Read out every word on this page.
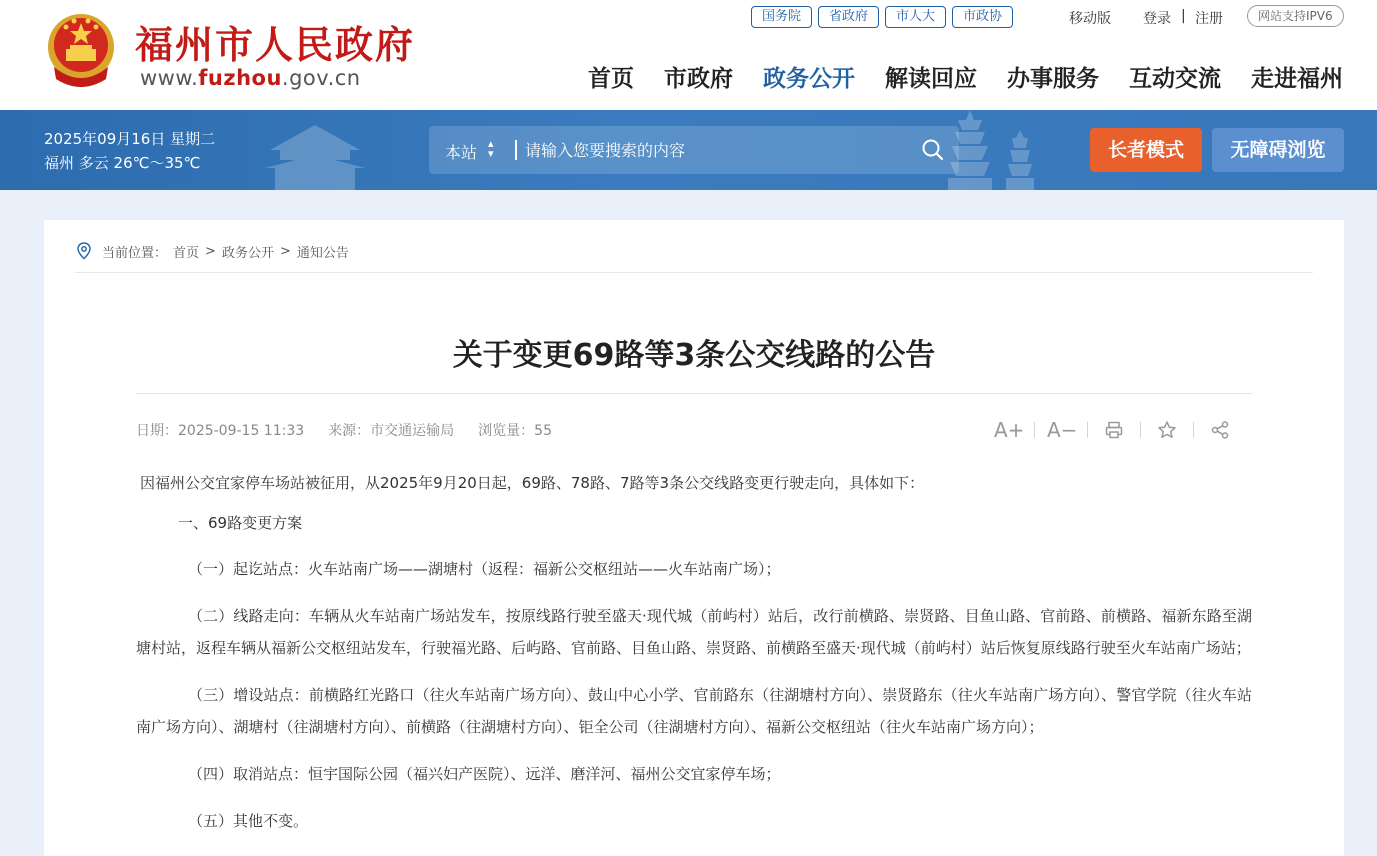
福州市人民政府
www.fuzhou.gov.cn
国务院	省政府	市人大	市政协	移动版 登录 | 注册	网站支持IPV6
首页 市政府 政务公开 解读回应 办事服务 互动交流 走进福州
2025年09月16日 星期二
福州 多云 26℃～35℃
本站 ▴
▾
请输入您要搜索的内容	长者模式	无障碍浏览
当前位置： 首页 > 政务公开 > 通知公告
关于变更69路等3条公交线路的公告
日期：2025-09-15 11:33 来源：市交通运输局 浏览量：55	A+ A−

因福州公交宜家停车场站被征用，从2025年9月20日起，69路、78路、7路等3条公交线路变更行驶走向，具体如下：

一、69路变更方案

（一）起讫站点：火车站南广场——湖塘村（返程：福新公交枢纽站——火车站南广场）；

（二）线路走向：车辆从火车站南广场站发车，按原线路行驶至盛天·现代城（前屿村）站后，改行前横路、崇贤路、目鱼山路、官前路、前横路、福新东路至湖塘村站，返程车辆从福新公交枢纽站发车，行驶福光路、后屿路、官前路、目鱼山路、崇贤路、前横路至盛天·现代城（前屿村）站后恢复原线路行驶至火车站南广场站；

（三）增设站点：前横路红光路口（往火车站南广场方向）、鼓山中心小学、官前路东（往湖塘村方向）、崇贤路东（往火车站南广场方向）、警官学院（往火车站南广场方向）、湖塘村（往湖塘村方向）、前横路（往湖塘村方向）、钜全公司（往湖塘村方向）、福新公交枢纽站（往火车站南广场方向）；

（四）取消站点：恒宇国际公园（福兴妇产医院）、远洋、磨洋河、福州公交宜家停车场；

（五）其他不变。
